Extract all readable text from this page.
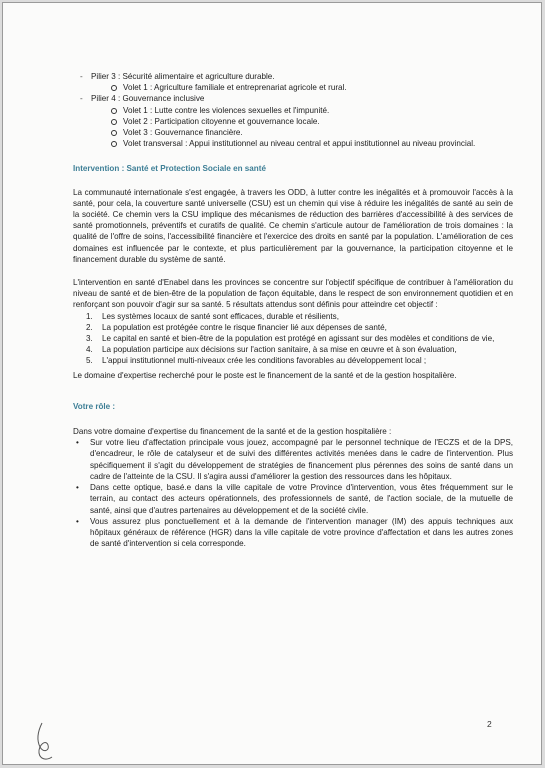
- Pilier 3 : Sécurité alimentaire et agriculture durable.
Volet 1 : Agriculture familiale et entreprenariat agricole et rural.
- Pilier 4 : Gouvernance inclusive
Volet 1 : Lutte contre les violences sexuelles et l'impunité.
Volet 2 : Participation citoyenne et gouvernance locale.
Volet 3 : Gouvernance financière.
Volet transversal : Appui institutionnel au niveau central et appui institutionnel au niveau provincial.
Intervention : Santé et Protection Sociale en santé

La communauté internationale s'est engagée, à travers les ODD, à lutter contre les inégalités et à promouvoir l'accès à la santé, pour cela, la couverture santé universelle (CSU) est un chemin qui vise à réduire les inégalités de santé au sein de la société. Ce chemin vers la CSU implique des mécanismes de réduction des barrières d'accessibilité à des services de santé promotionnels, préventifs et curatifs de qualité. Ce chemin s'articule autour de l'amélioration de trois domaines : la qualité de l'offre de soins, l'accessibilité financière et l'exercice des droits en santé par la population. L'amélioration de ces domaines est influencée par le contexte, et plus particulièrement par la gouvernance, la participation citoyenne et le financement durable du système de santé.

L'intervention en santé d'Enabel dans les provinces se concentre sur l'objectif spécifique de contribuer à l'amélioration du niveau de santé et de bien-être de la population de façon équitable, dans le respect de son environnement quotidien et en renforçant son pouvoir d'agir sur sa santé. 5 résultats attendus sont définis pour atteindre cet objectif :

1. Les systèmes locaux de santé sont efficaces, durable et résilients,
2. La population est protégée contre le risque financier lié aux dépenses de santé,
3. Le capital en santé et bien-être de la population est protégé en agissant sur des modèles et conditions de vie,
4. La population participe aux décisions sur l'action sanitaire, à sa mise en œuvre et à son évaluation,
5. L'appui institutionnel multi-niveaux crée les conditions favorables au développement local ;

Le domaine d'expertise recherché pour le poste est le financement de la santé et de la gestion hospitalière.

Votre rôle :

Dans votre domaine d'expertise du financement de la santé et de la gestion hospitalière :

• Sur votre lieu d'affectation principale vous jouez, accompagné par le personnel technique de l'ECZS et de la DPS, d'encadreur, le rôle de catalyseur et de suivi des différentes activités menées dans le cadre de l'intervention. Plus spécifiquement il s'agit du développement de stratégies de financement plus pérennes des soins de santé dans un cadre de l'atteinte de la CSU. Il s'agira aussi d'améliorer la gestion des ressources dans les hôpitaux.
• Dans cette optique, basé.e dans la ville capitale de votre Province d'intervention, vous êtes fréquemment sur le terrain, au contact des acteurs opérationnels, des professionnels de santé, de l'action sociale, de la mutuelle de santé, ainsi que d'autres partenaires au développement et de la société civile.
• Vous assurez plus ponctuellement et à la demande de l'intervention manager (IM) des appuis techniques aux hôpitaux généraux de référence (HGR) dans la ville capitale de votre province d'affectation et dans les autres zones de santé d'intervention si cela corresponde.
2
